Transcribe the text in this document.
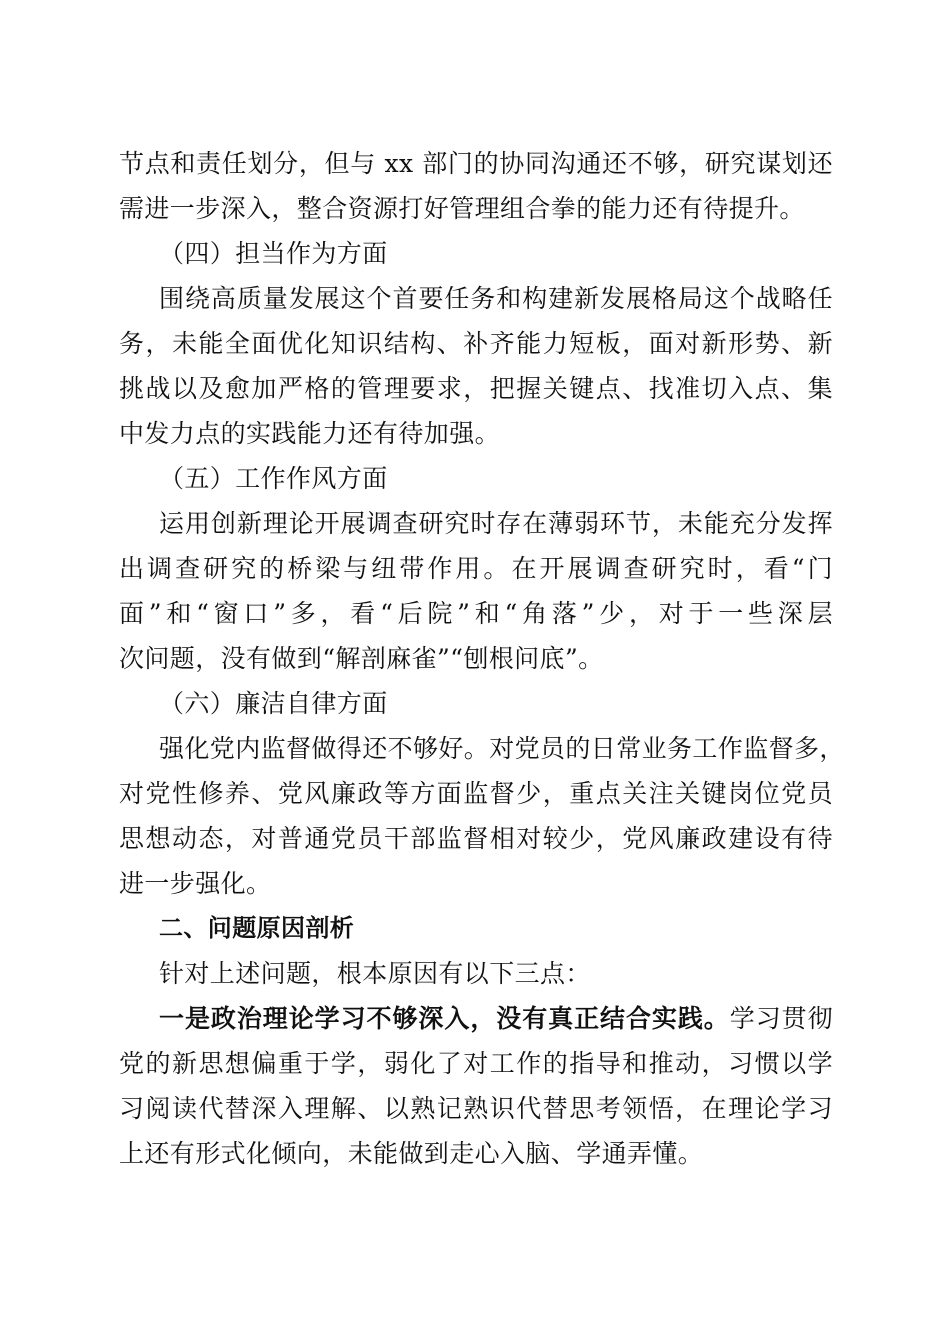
节点和责任划分，但与 xx 部门的协同沟通还不够，研究谋划还
需进一步深入，整合资源打好管理组合拳的能力还有待提升。
（四）担当作为方面
围绕高质量发展这个首要任务和构建新发展格局这个战略任
务，未能全面优化知识结构、补齐能力短板，面对新形势、新
挑战以及愈加严格的管理要求，把握关键点、找准切入点、集
中发力点的实践能力还有待加强。
（五）工作作风方面
运用创新理论开展调查研究时存在薄弱环节，未能充分发挥
出调查研究的桥梁与纽带作用。在开展调查研究时，看“门
面”和“窗口”多，看“后院”和“角落”少，对于一些深层
次问题，没有做到“解剖麻雀”“刨根问底”。
（六）廉洁自律方面
强化党内监督做得还不够好。对党员的日常业务工作监督多，
对党性修养、党风廉政等方面监督少，重点关注关键岗位党员
思想动态，对普通党员干部监督相对较少，党风廉政建设有待
进一步强化。
二、问题原因剖析
针对上述问题，根本原因有以下三点：
一是政治理论学习不够深入，没有真正结合实践。学习贯彻
党的新思想偏重于学，弱化了对工作的指导和推动，习惯以学
习阅读代替深入理解、以熟记熟识代替思考领悟，在理论学习
上还有形式化倾向，未能做到走心入脑、学通弄懂。
